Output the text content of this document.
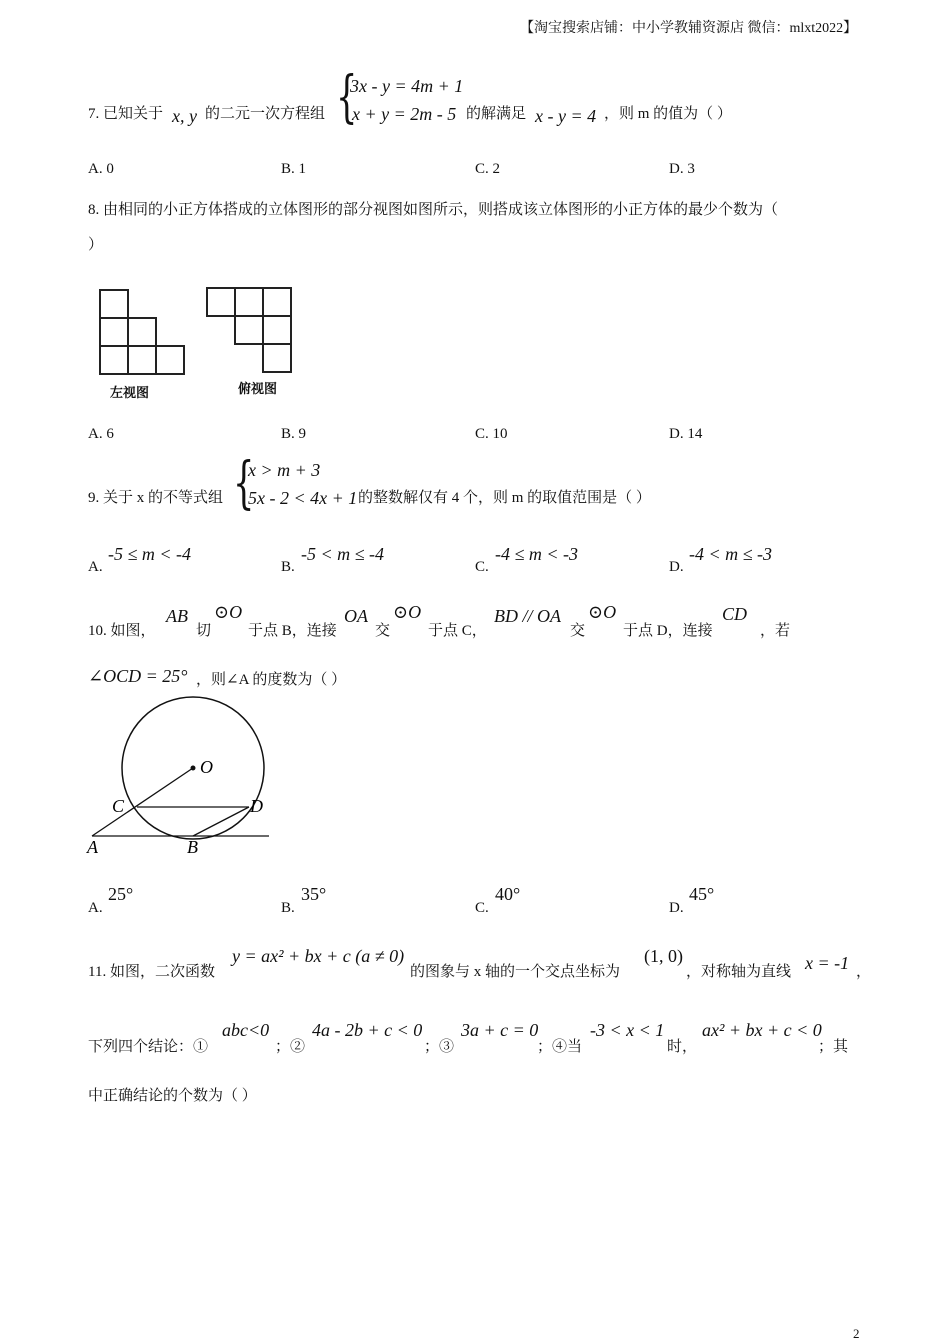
【淘宝搜索店铺：中小学教辅资源店 微信：mlxt2022】
7. 已知关于 x, y 的二元一次方程组 {
3x - y = 4m + 1
x + y = 2m - 5 的解满足 x - y = 4 ，则 m 的值为（ ）
A. 0	B. 1	C. 2	D. 3
8. 由相同的小正方体搭成的立体图形的部分视图如图所示，则搭成该立体图形的小正方体的最少个数为（
）
左视图	俯视图
A. 6	B. 9	C. 10	D. 14
9. 关于 x 的不等式组 {
x > m + 3
5x - 2 < 4x + 1 的整数解仅有 4 个，则 m 的取值范围是（ ）
A.
-5 ≤ m < -4
B.
-5 < m ≤ -4
C.
-4 ≤ m < -3
D.
-4 < m ≤ -3
10. 如图，
AB
切
⊙O
于点 B，连接
OA
交
⊙O
于点 C，
BD // OA
交
⊙O
于点 D，连接
CD
，若
∠OCD = 25° ，则∠A 的度数为（ ）
O
C	D
A	B
A.
25°
B.
35°
C.
40°
D.
45°
11. 如图，二次函数
y = ax² + bx + c (a ≠ 0)
的图象与 x 轴的一个交点坐标为
(1, 0)
，对称轴为直线 x = -1 ，
下列四个结论：①
abc<0
；②
4a - 2b + c < 0
；③
3a + c = 0
；④当
-3 < x < 1
时，
ax² + bx + c < 0
；其
中正确结论的个数为（ ）
2
